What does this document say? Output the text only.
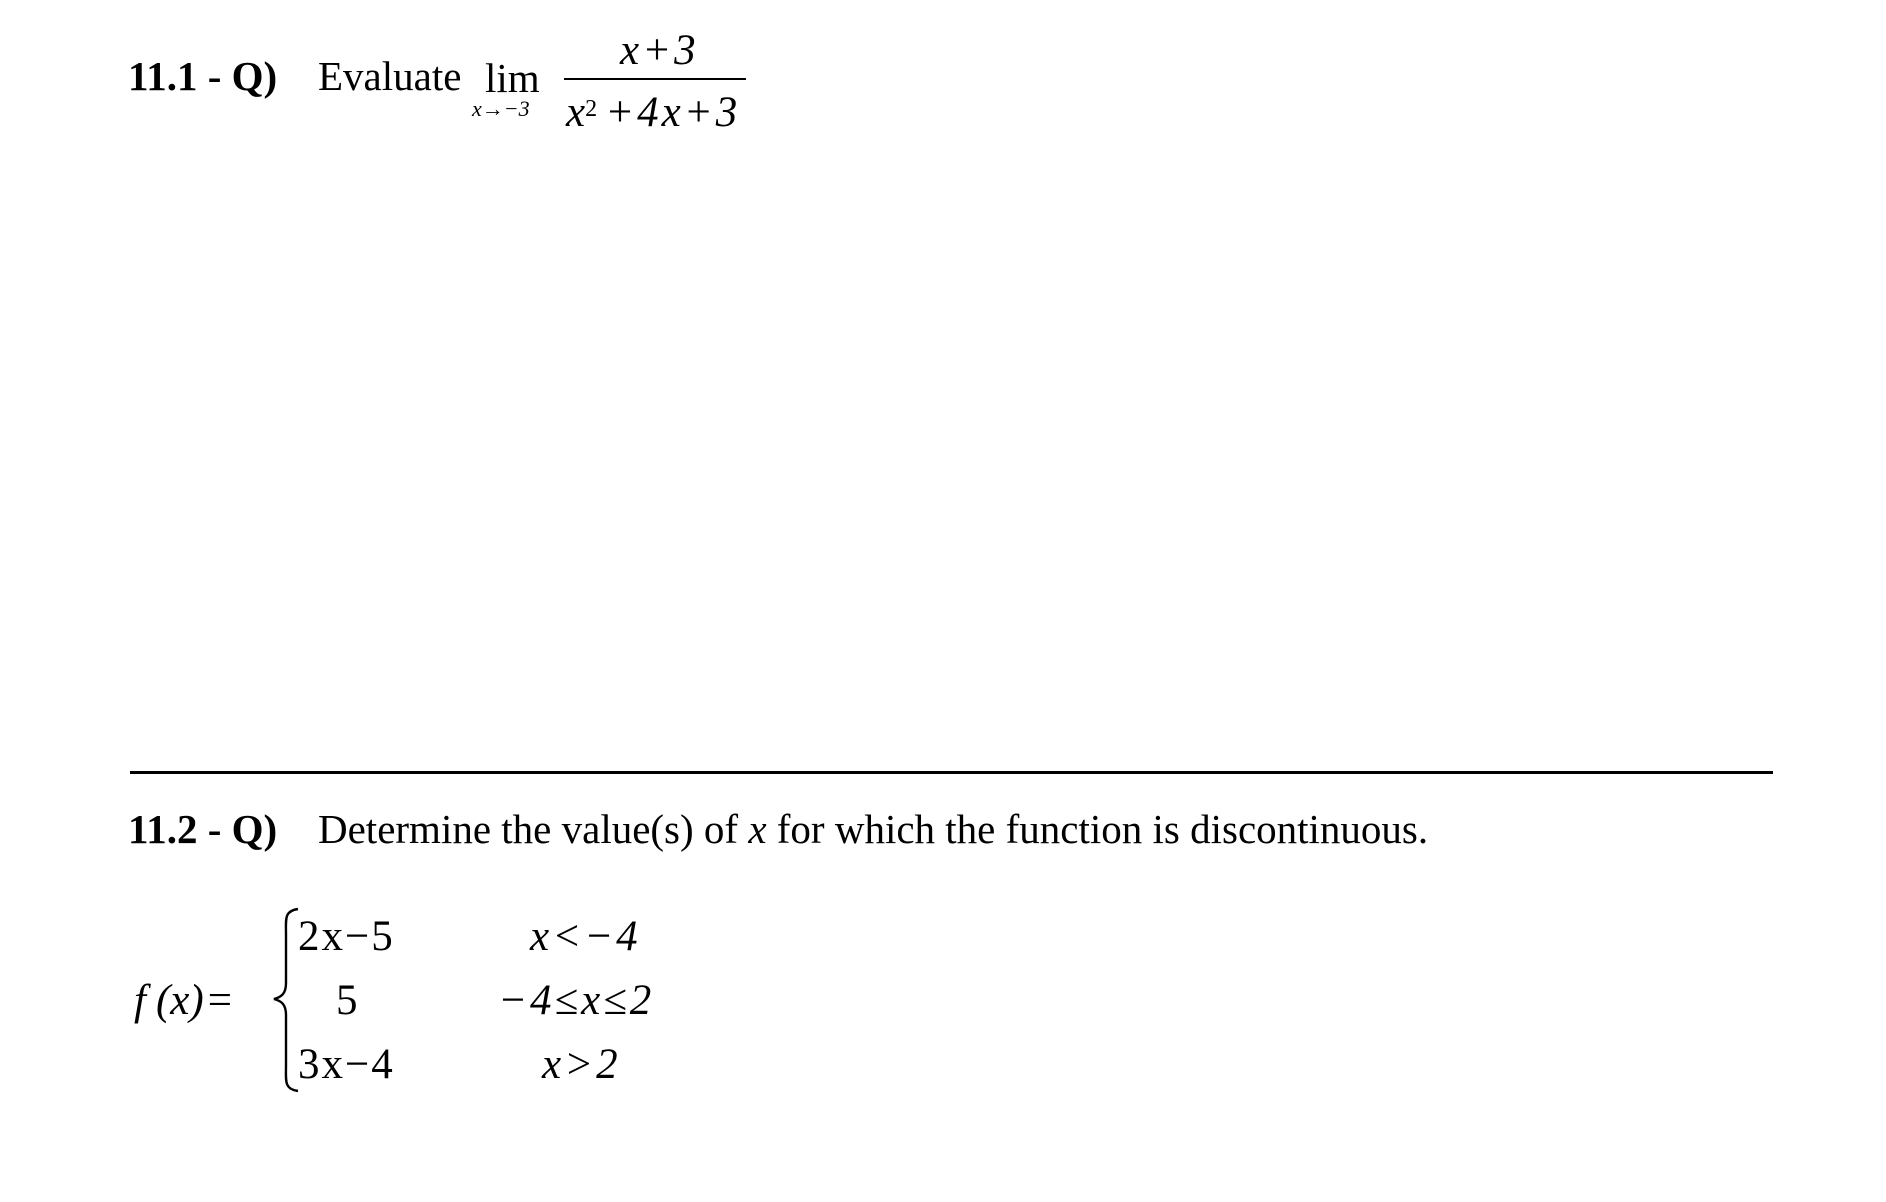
11.1 - Q) Evaluate lim
x→−3
x+3
$x^2 +4x+3$
11.2 - Q) Determine the value(s) of x for which the function is discontinuous.
f (x)=
2x−5	x<−4
5	−4≤x≤2
3x−4	x>2
